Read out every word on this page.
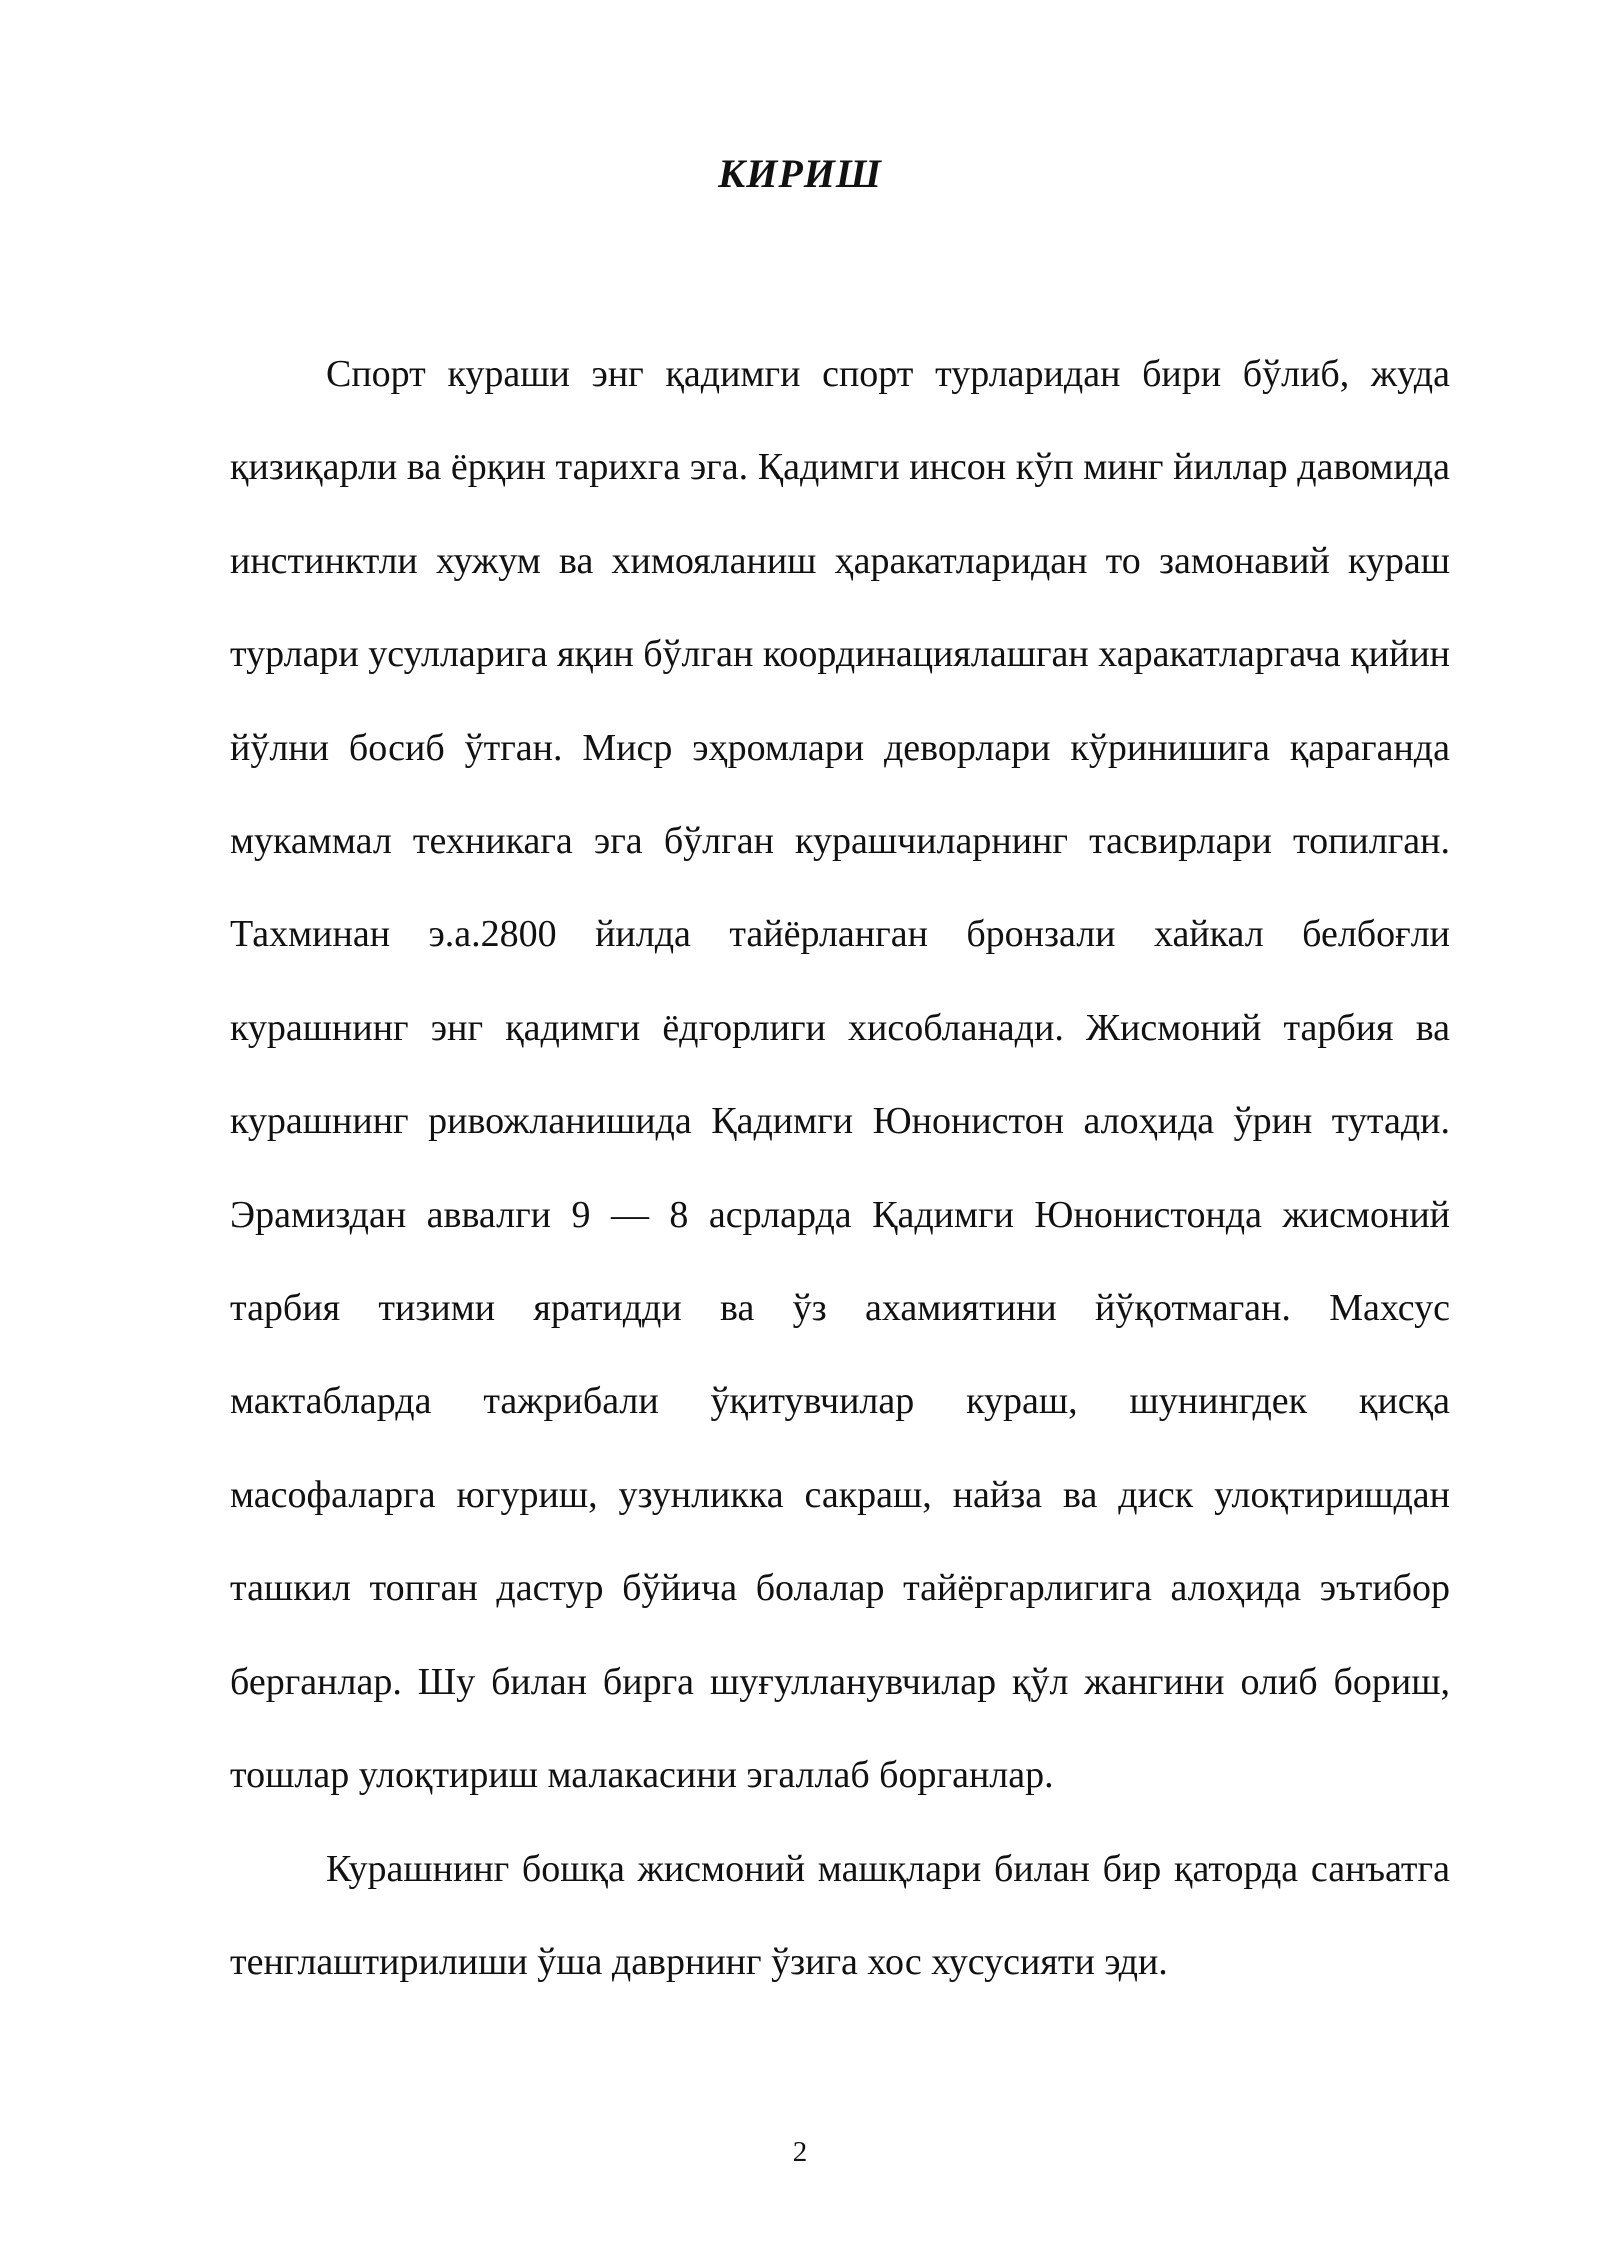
КИРИШ

Спорт кураши энг қадимги спорт турларидан бири бўлиб, жуда қизиқарли ва ёрқин тарихга эга. Қадимги инсон кўп минг йиллар давомида инстинктли хужум ва химояланиш ҳаракатларидан то замонавий кураш турлари усулларига яқин бўлган координациялашган харакатларгача қийин йўлни босиб ўтган. Миср эҳромлари деворлари кўринишига қараганда мукаммал техникага эга бўлган курашчиларнинг тасвирлари топилган. Тахминан э.а.2800 йилда тайёрланган бронзали хайкал белбоғли курашнинг энг қадимги ёдгорлиги хисобланади. Жисмоний тарбия ва курашнинг ривожланишида Қадимги Юнонистон алоҳида ўрин тутади. Эрамиздан аввалги 9 — 8 асрларда Қадимги Юнонистонда жисмоний тарбия тизими яратидди ва ўз ахамиятини йўқотмаган. Махсус мактабларда тажрибали ўқитувчилар кураш, шунингдек қисқа масофаларга югуриш, узунликка сакраш, найза ва диск улоқтиришдан ташкил топган дастур бўйича болалар тайёргарлигига алоҳида эътибор берганлар. Шу билан бирга шуғулланувчилар қўл жангини олиб бориш, тошлар улоқтириш малакасини эгаллаб борганлар.

Курашнинг бошқа жисмоний машқлари билан бир қаторда санъатга тенглаштирилиши ўша даврнинг ўзига хос хусусияти эди.

2
